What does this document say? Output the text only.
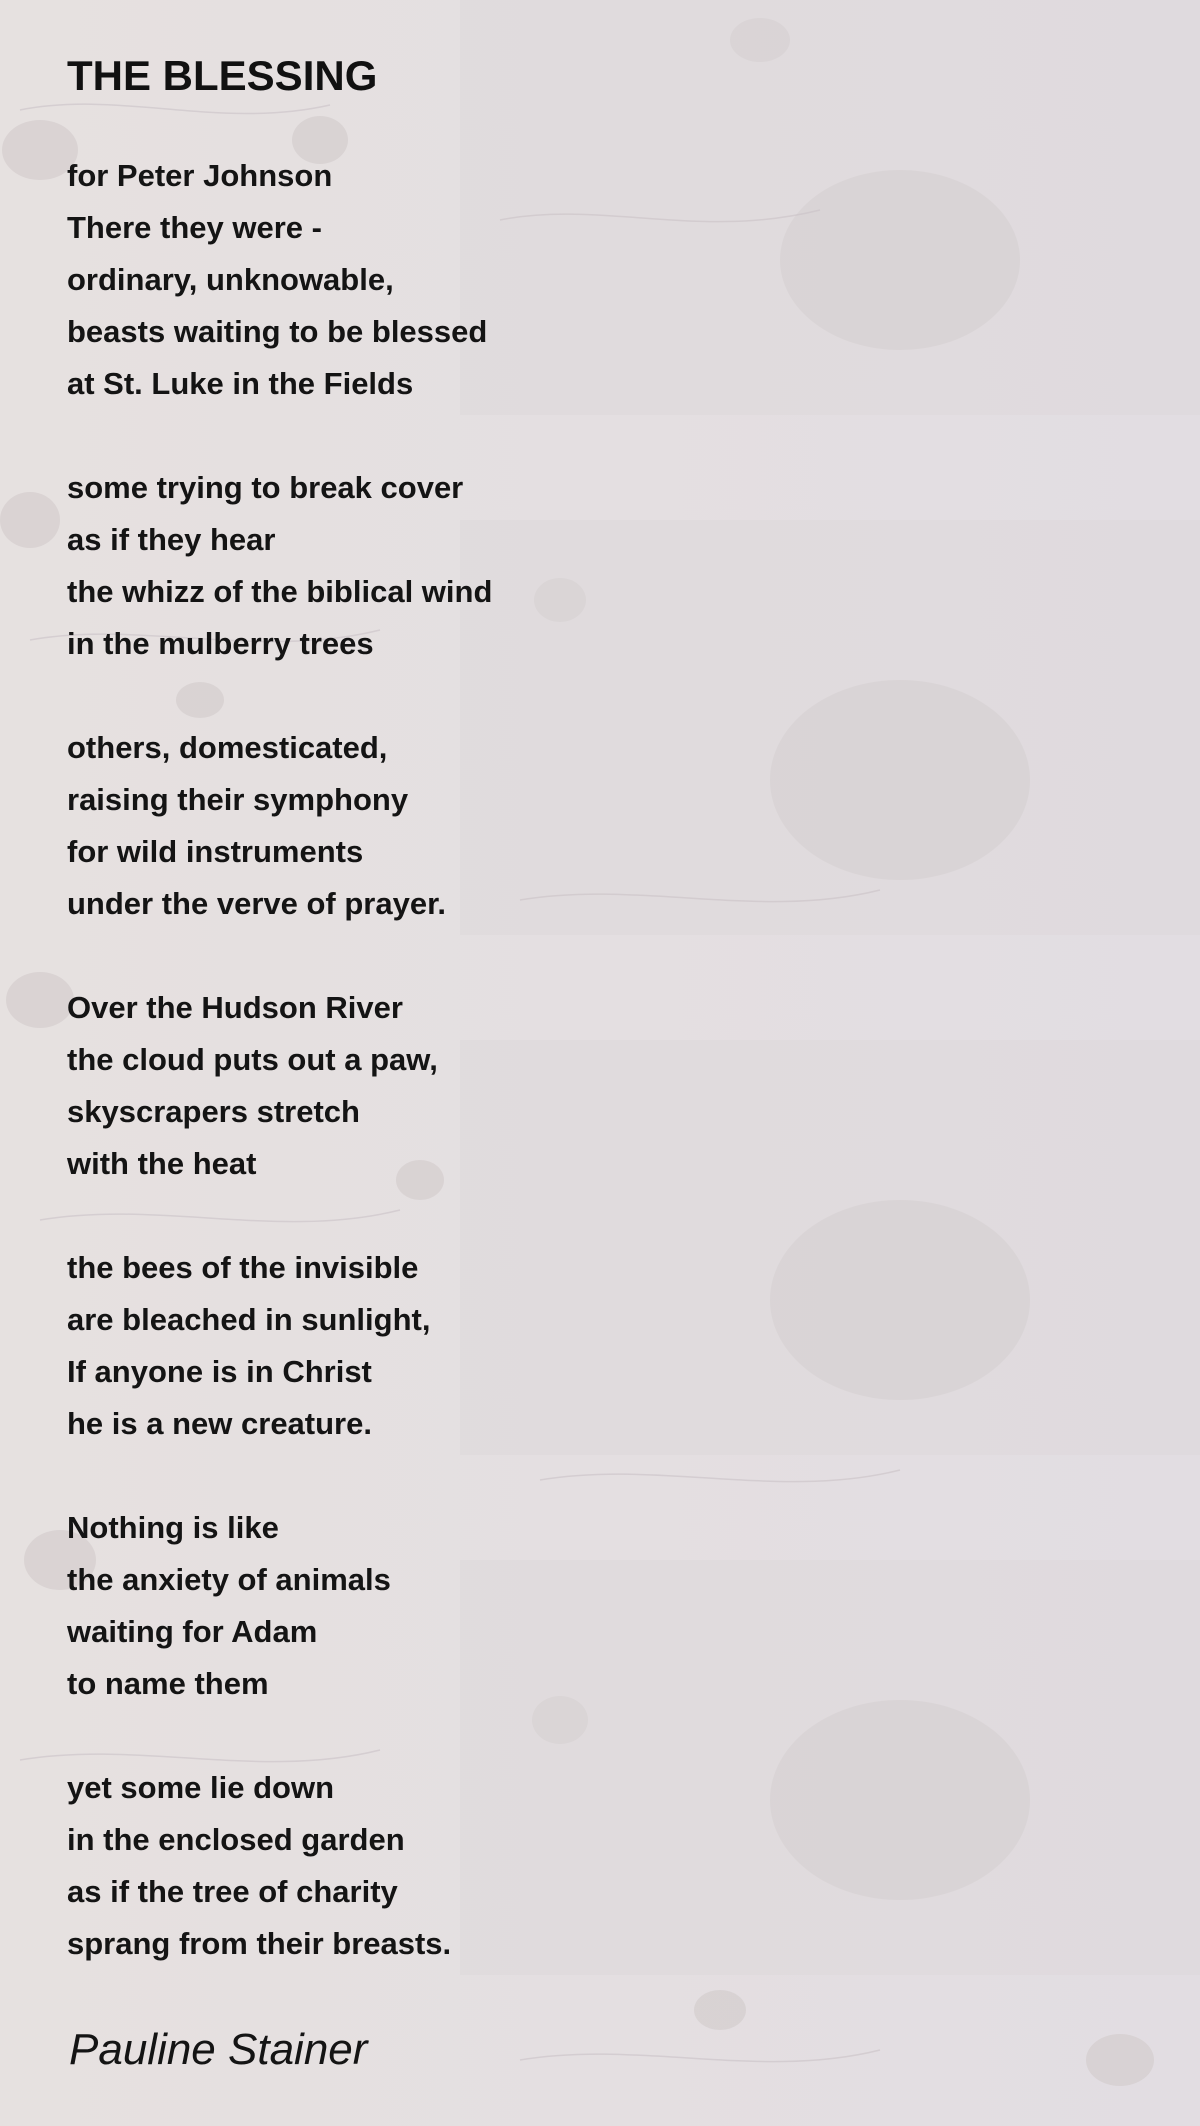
THE BLESSING
for Peter Johnson
There they were -
ordinary, unknowable,
beasts waiting to be blessed
at St. Luke in the Fields
some trying to break cover
as if they hear
the whizz of the biblical wind
in the mulberry trees
others, domesticated,
raising their symphony
for wild instruments
under the verve of prayer.
Over the Hudson River
the cloud puts out a paw,
skyscrapers stretch
with the heat
the bees of the invisible
are bleached in sunlight,
If anyone is in Christ
he is a new creature.
Nothing is like
the anxiety of animals
waiting for Adam
to name them
yet some lie down
in the enclosed garden
as if the tree of charity
sprang from their breasts.
Pauline Stainer
